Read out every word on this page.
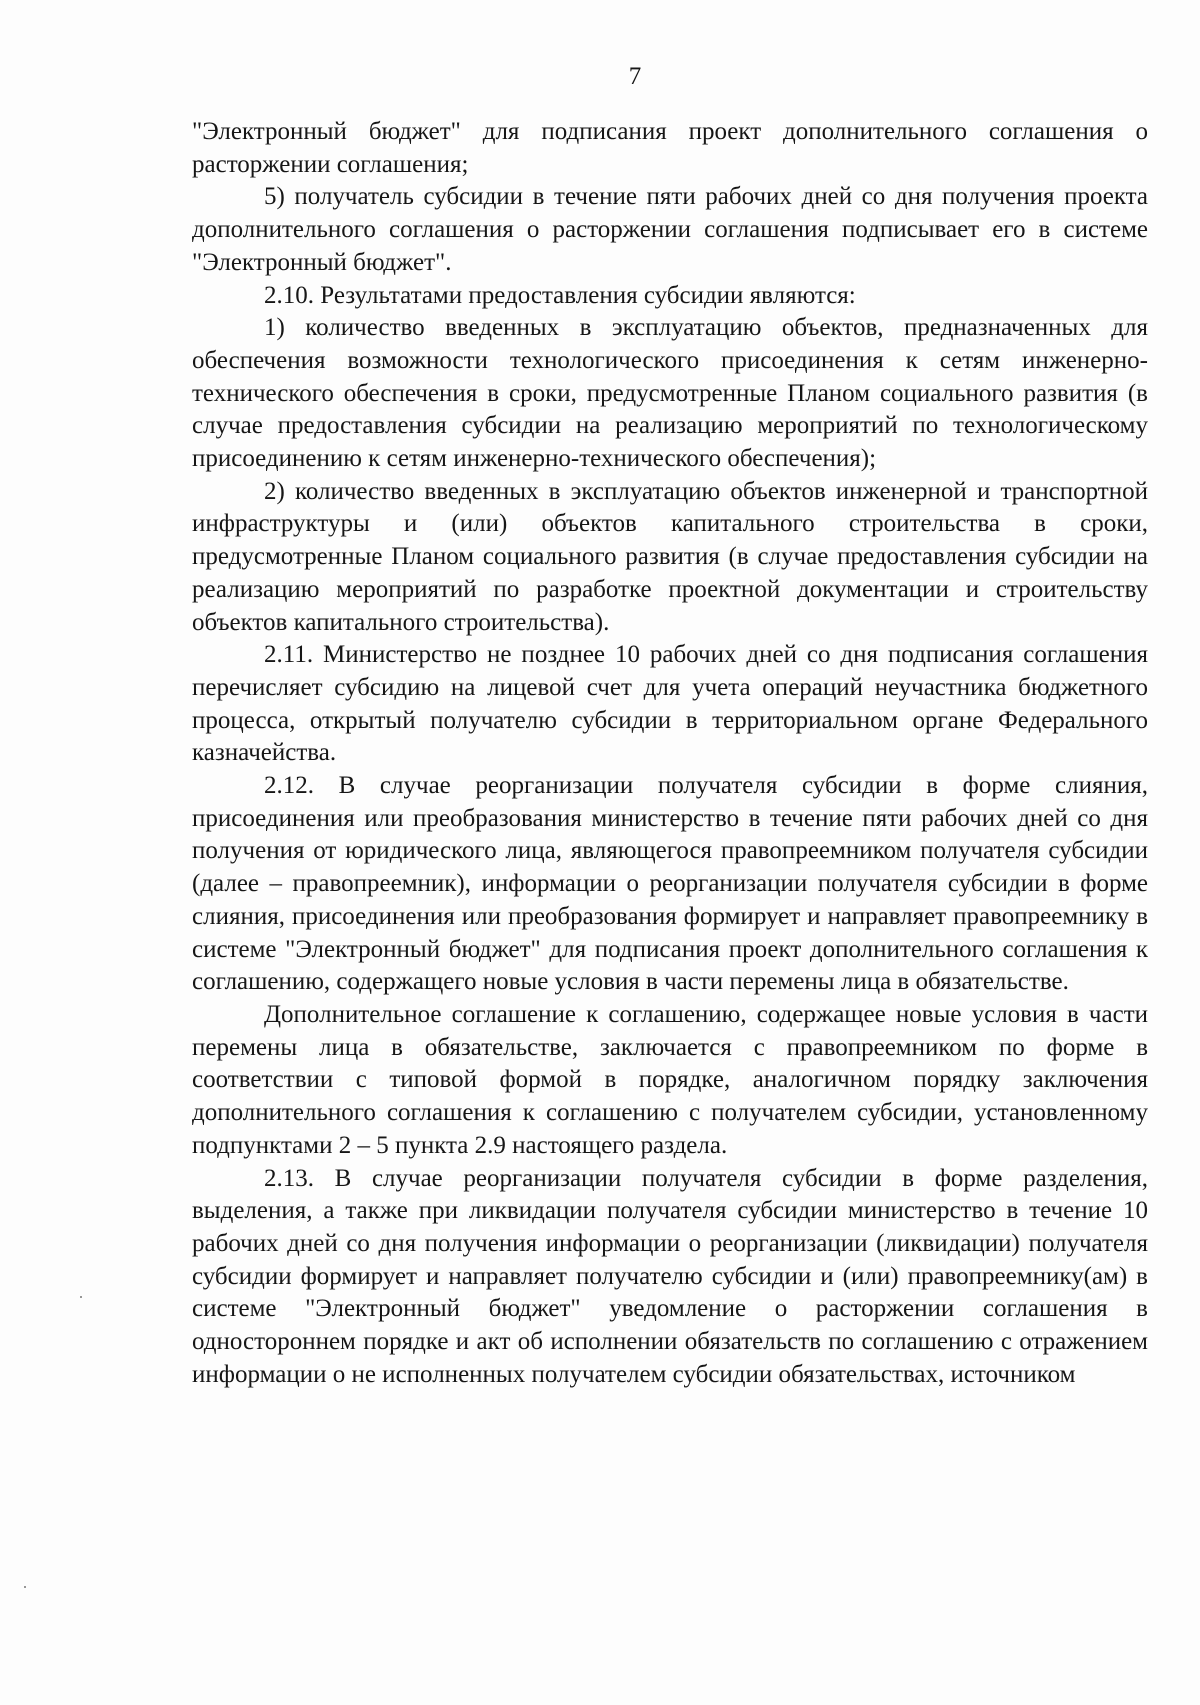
7

"Электронный бюджет" для подписания проект дополнительного соглашения о расторжении соглашения;

5) получатель субсидии в течение пяти рабочих дней со дня получения проекта дополнительного соглашения о расторжении соглашения подписывает его в системе "Электронный бюджет".

2.10. Результатами предоставления субсидии являются:

1) количество введенных в эксплуатацию объектов, предназначенных для обеспечения возможности технологического присоединения к сетям инженерно-технического обеспечения в сроки, предусмотренные Планом социального развития (в случае предоставления субсидии на реализацию мероприятий по технологическому присоединению к сетям инженерно-технического обеспечения);

2) количество введенных в эксплуатацию объектов инженерной и транспортной инфраструктуры и (или) объектов капитального строительства в сроки, предусмотренные Планом социального развития (в случае предоставления субсидии на реализацию мероприятий по разработке проектной документации и строительству объектов капитального строительства).

2.11. Министерство не позднее 10 рабочих дней со дня подписания соглашения перечисляет субсидию на лицевой счет для учета операций неучастника бюджетного процесса, открытый получателю субсидии в территориальном органе Федерального казначейства.

2.12. В случае реорганизации получателя субсидии в форме слияния, присоединения или преобразования министерство в течение пяти рабочих дней со дня получения от юридического лица, являющегося правопреемником получателя субсидии (далее – правопреемник), информации о реорганизации получателя субсидии в форме слияния, присоединения или преобразования формирует и направляет правопреемнику в системе "Электронный бюджет" для подписания проект дополнительного соглашения к соглашению, содержащего новые условия в части перемены лица в обязательстве.

Дополнительное соглашение к соглашению, содержащее новые условия в части перемены лица в обязательстве, заключается с правопреемником по форме в соответствии с типовой формой в порядке, аналогичном порядку заключения дополнительного соглашения к соглашению с получателем субсидии, установленному подпунктами 2 – 5 пункта 2.9 настоящего раздела.

2.13. В случае реорганизации получателя субсидии в форме разделения, выделения, а также при ликвидации получателя субсидии министерство в течение 10 рабочих дней со дня получения информации о реорганизации (ликвидации) получателя субсидии формирует и направляет получателю субсидии и (или) правопреемнику(ам) в системе "Электронный бюджет" уведомление о расторжении соглашения в одностороннем порядке и акт об исполнении обязательств по соглашению с отражением информации о не исполненных получателем субсидии обязательствах, источником
